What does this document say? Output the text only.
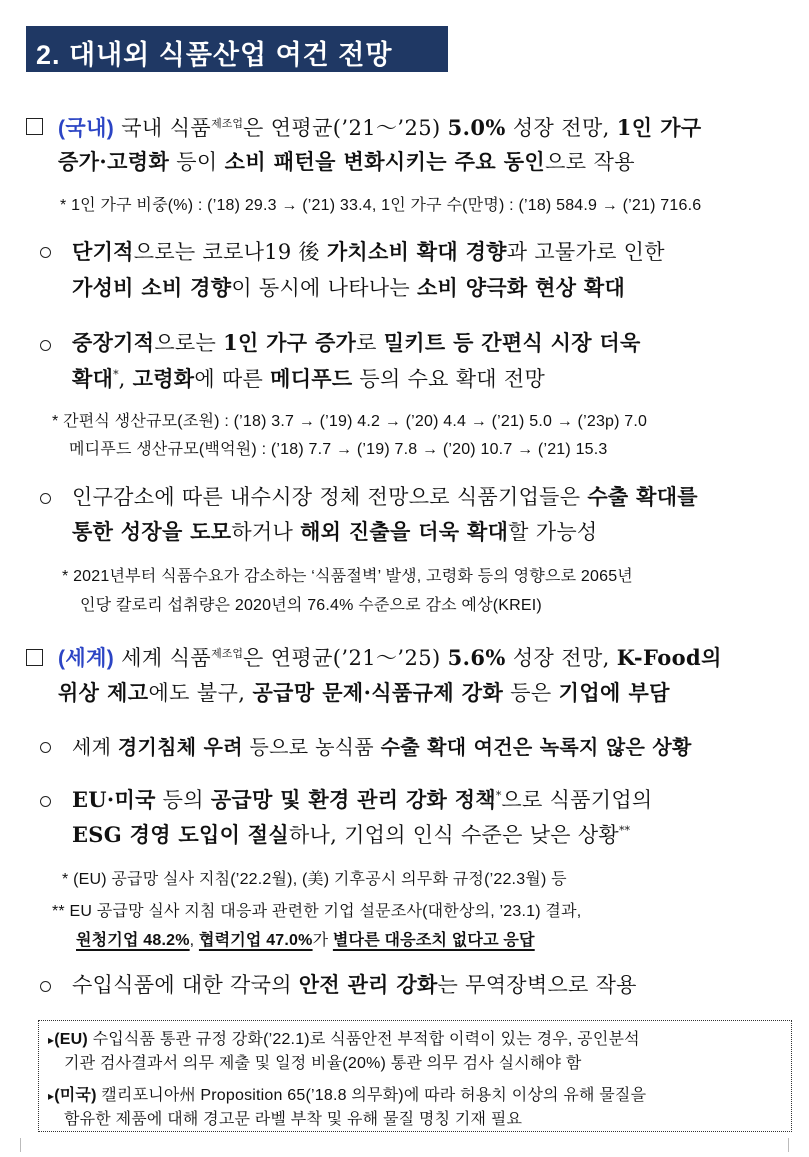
2. 대내외 식품산업 여건 전망
(국내) 국내 식품$^{제조업}$은 연평균(’21～’25) 5.0% 성장 전망, 1인 가구
증가·고령화 등이 소비 패턴을 변화시키는 주요 동인으로 작용
* 1인 가구 비중(%) : (’18) 29.3 → (’21) 33.4, 1인 가구 수(만명) : (’18) 584.9 → (’21) 716.6
단기적으로는 코로나19 後 가치소비 확대 경향과 고물가로 인한
가성비 소비 경향이 동시에 나타나는 소비 양극화 현상 확대
중장기적으로는 1인 가구 증가로 밀키트 등 간편식 시장 더욱
확대*, 고령화에 따른 메디푸드 등의 수요 확대 전망
* 간편식 생산규모(조원) : (’18) 3.7 → (’19) 4.2 → (’20) 4.4 → (’21) 5.0 → (’23p) 7.0
메디푸드 생산규모(백억원) : (’18) 7.7 → (’19) 7.8 → (’20) 10.7 → (’21) 15.3
인구감소에 따른 내수시장 정체 전망으로 식품기업들은 수출 확대를
통한 성장을 도모하거나 해외 진출을 더욱 확대할 가능성
* 2021년부터 식품수요가 감소하는 ‘식품절벽’ 발생, 고령화 등의 영향으로 2065년
인당 칼로리 섭취량은 2020년의 76.4% 수준으로 감소 예상(KREI)
(세계) 세계 식품$^{제조업}$은 연평균(’21～’25) 5.6% 성장 전망, K-Food의
위상 제고에도 불구, 공급망 문제·식품규제 강화 등은 기업에 부담
세계 경기침체 우려 등으로 농식품 수출 확대 여건은 녹록지 않은 상황
EU·미국 등의 공급망 및 환경 관리 강화 정책*으로 식품기업의
ESG 경영 도입이 절실하나, 기업의 인식 수준은 낮은 상황**
* (EU) 공급망 실사 지침(’22.2월), (美) 기후공시 의무화 규정(’22.3월) 등
** EU 공급망 실사 지침 대응과 관련한 기업 설문조사(대한상의, ’23.1) 결과,
원청기업 48.2%, 협력기업 47.0%가 별다른 대응조치 없다고 응답
수입식품에 대한 각국의 안전 관리 강화는 무역장벽으로 작용
▸(EU) 수입식품 통관 규정 강화(’22.1)로 식품안전 부적합 이력이 있는 경우, 공인분석
기관 검사결과서 의무 제출 및 일정 비율(20%) 통관 의무 검사 실시해야 함
▸(미국) 캘리포니아州 Proposition 65(’18.8 의무화)에 따라 허용치 이상의 유해 물질을
함유한 제품에 대해 경고문 라벨 부착 및 유해 물질 명칭 기재 필요
